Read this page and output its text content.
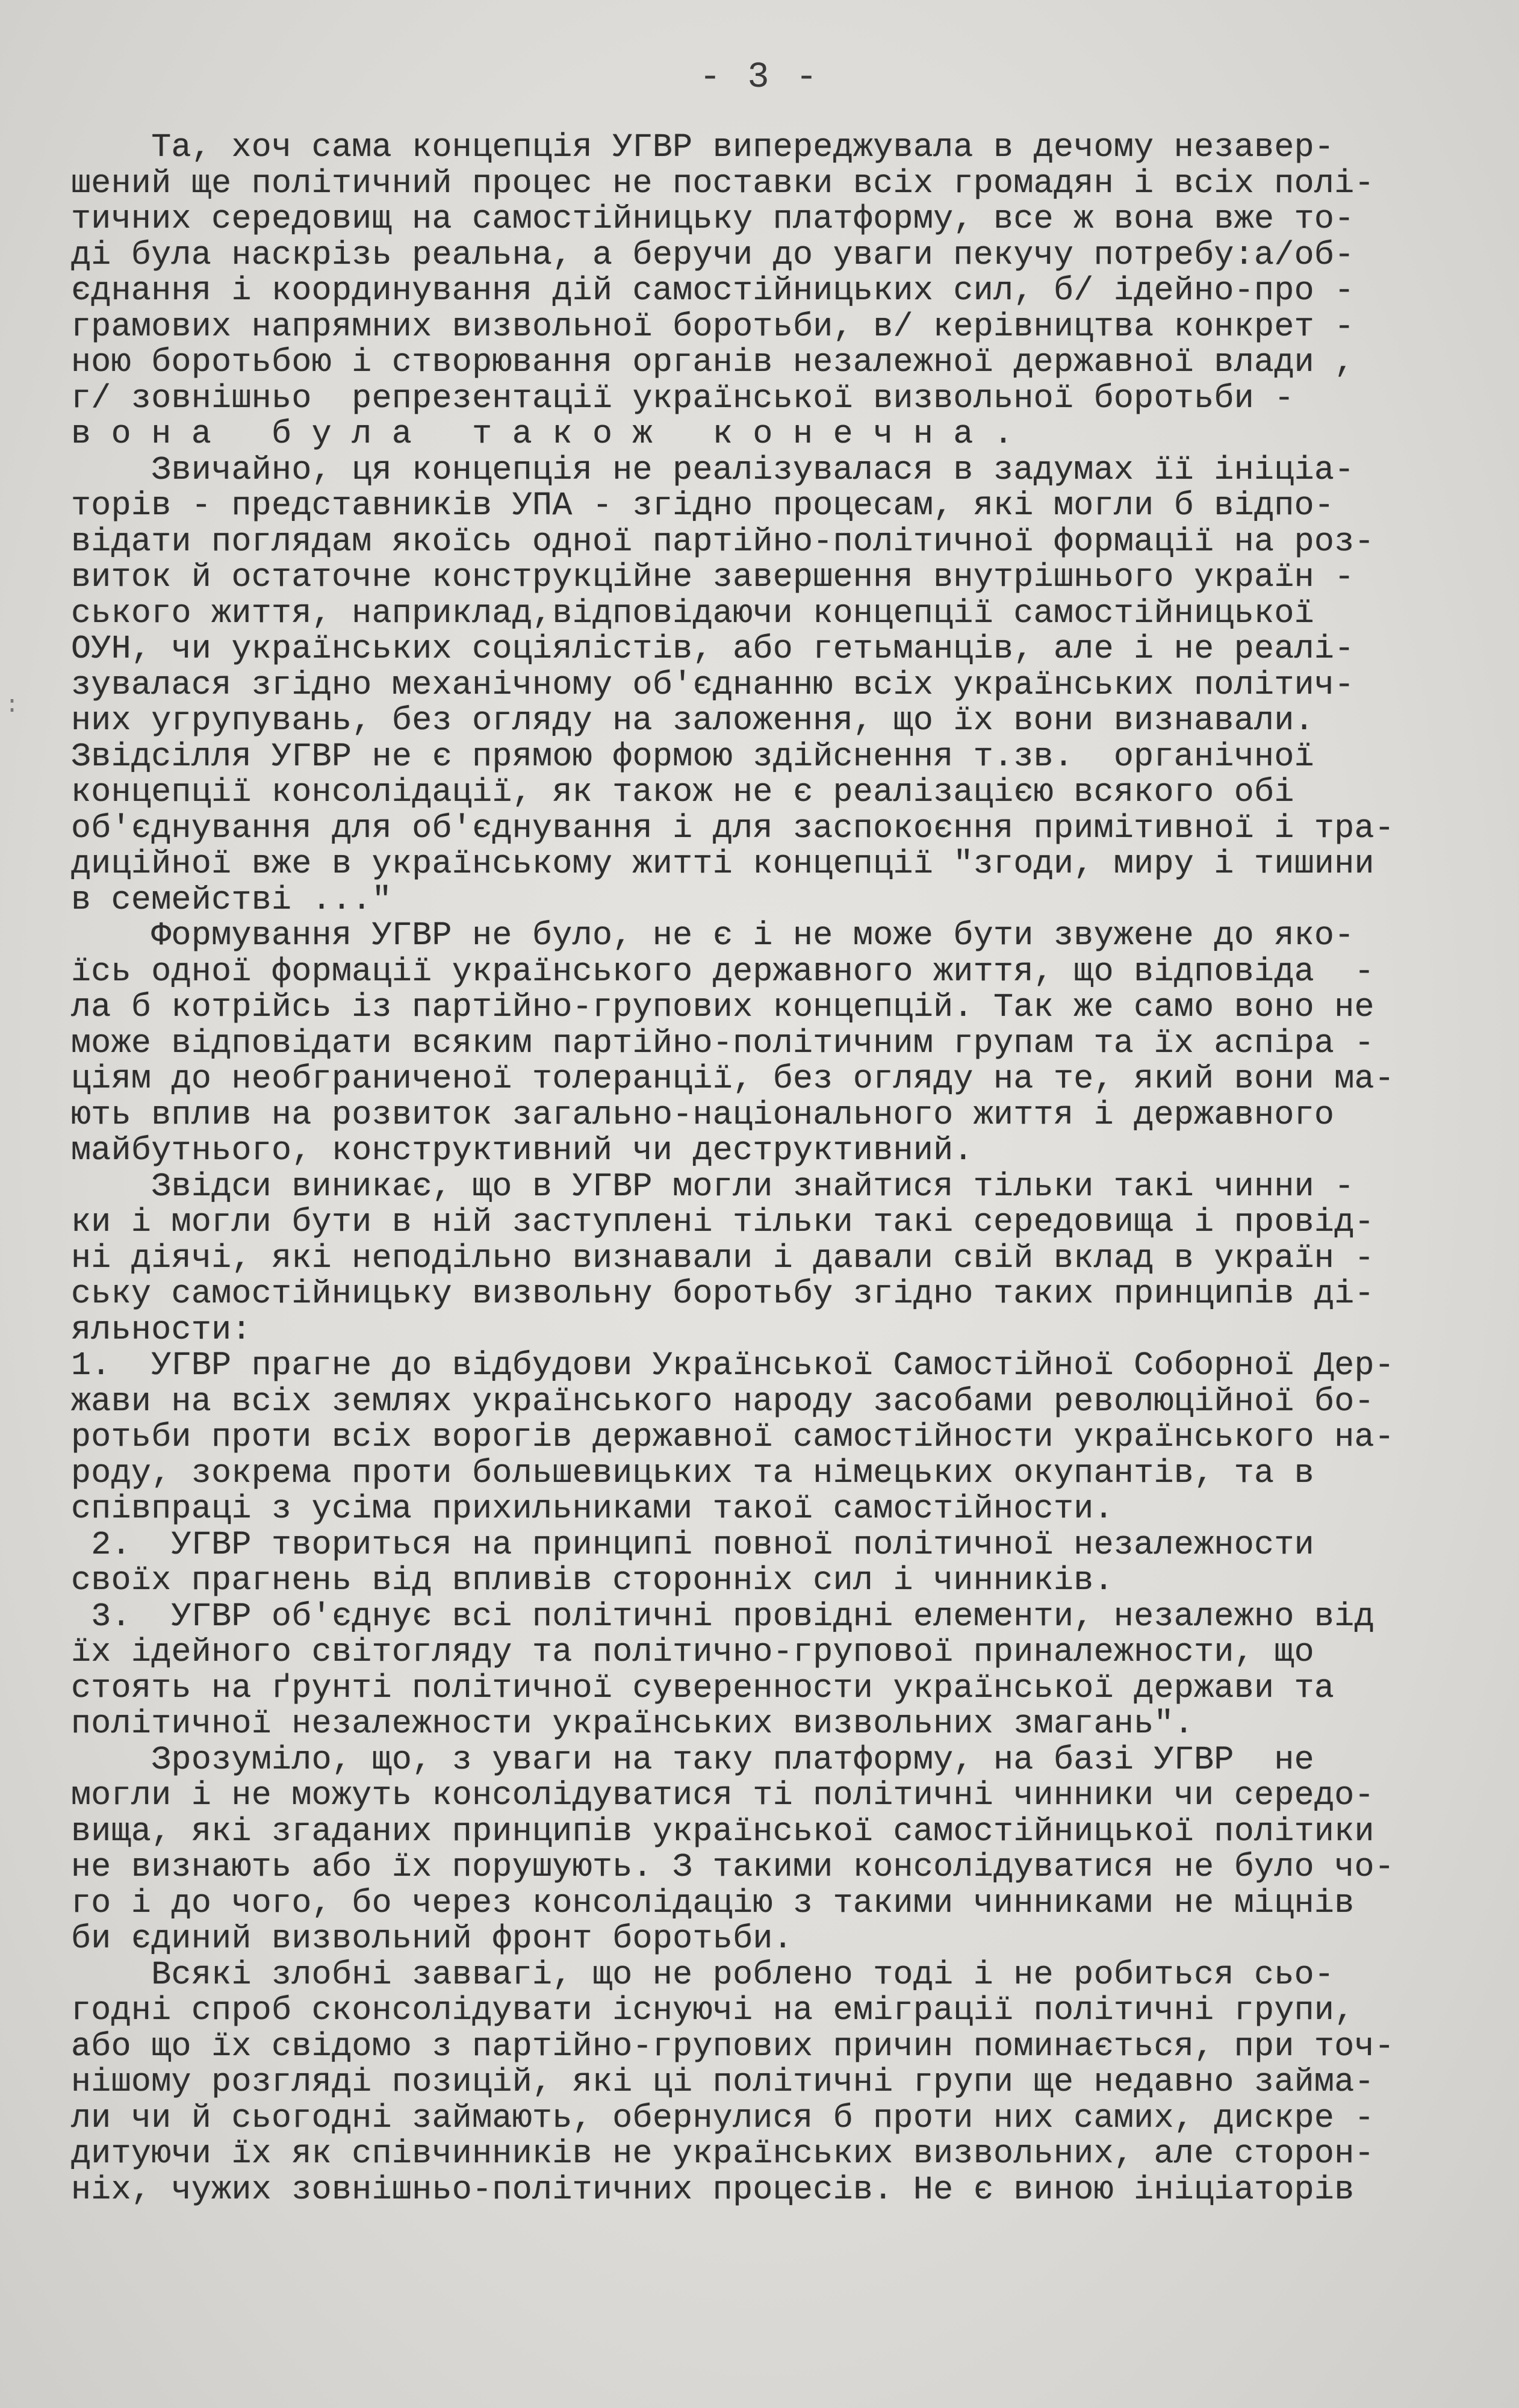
- 3 -
:
Та, хоч сама концепція УГВР випереджувала в дечому незавер-
шений ще політичний процес не поставки всіх громадян і всіх полі-
тичних середовищ на самостійницьку платформу, все ж вона вже то-
ді була наскрізь реальна, а беручи до уваги пекучу потребу:а/об-
єднання і координування дій самостійницьких сил, б/ ідейно-про -
грамових напрямних визвольної боротьби, в/ керівництва конкрет -
ною боротьбою і створювання органів незалежної державної влади ,
г/ зовнішньо  репрезентації української визвольної боротьби -
в о н а   б у л а   т а к о ж   к о н е ч н а .
Звичайно, ця концепція не реалізувалася в задумах її ініціа-
торів - представників УПА - згідно процесам, які могли б відпо-
відати поглядам якоїсь одної партійно-політичної формації на роз-
виток й остаточне конструкційне завершення внутрішнього україн -
ського життя, наприклад,відповідаючи концепції самостійницької
ОУН, чи українських соціялістів, або гетьманців, але і не реалі-
зувалася згідно механічному об'єднанню всіх українських політич-
них угрупувань, без огляду на заложення, що їх вони визнавали.
Звідсілля УГВР не є прямою формою здійснення т.зв.  органічної
концепції консолідації, як також не є реалізацією всякого обі
об'єднування для об'єднування і для заспокоєння примітивної і тра-
диційної вже в українському житті концепції "згоди, миру і тишини
в семействі ..."
Формування УГВР не було, не є і не може бути звужене до яко-
їсь одної формації українського державного життя, що відповіда  -
ла б котрійсь із партійно-групових концепцій. Так же само воно не
може відповідати всяким партійно-політичним групам та їх аспіра -
ціям до необграниченої толеранції, без огляду на те, який вони ма-
ють вплив на розвиток загально-національного життя і державного
майбутнього, конструктивний чи деструктивний.
Звідси виникає, що в УГВР могли знайтися тільки такі чинни -
ки і могли бути в ній заступлені тільки такі середовища і провід-
ні діячі, які неподільно визнавали і давали свій вклад в україн -
ську самостійницьку визвольну боротьбу згідно таких принципів ді-
яльности:
1.  УГВР прагне до відбудови Української Самостійної Соборної Дер-
жави на всіх землях українського народу засобами революційної бо-
ротьби проти всіх ворогів державної самостійности українського на-
роду, зокрема проти большевицьких та німецьких окупантів, та в
співпраці з усіма прихильниками такої самостійности.
2.  УГВР твориться на принципі повної політичної незалежности
своїх прагнень від впливів сторонніх сил і чинників.
3.  УГВР об'єднує всі політичні провідні елементи, незалежно від
їх ідейного світогляду та політично-групової приналежности, що
стоять на ґрунті політичної суверенности української держави та
політичної незалежности українських визвольних змагань".
Зрозуміло, що, з уваги на таку платформу, на базі УГВР  не
могли і не можуть консолідуватися ті політичні чинники чи середо-
вища, які згаданих принципів української самостійницької політики
не визнають або їх порушують. З такими консолідуватися не було чо-
го і до чого, бо через консолідацію з такими чинниками не міцнів
би єдиний визвольний фронт боротьби.
Всякі злобні заввагі, що не роблено тоді і не робиться сьо-
годні спроб сконсолідувати існуючі на еміграції політичні групи,
або що їх свідомо з партійно-групових причин поминається, при точ-
нішому розгляді позицій, які ці політичні групи ще недавно займа-
ли чи й сьогодні займають, обернулися б проти них самих, дискре -
дитуючи їх як співчинників не українських визвольних, але сторон-
ніх, чужих зовнішньо-політичних процесів. Не є виною ініціаторів
